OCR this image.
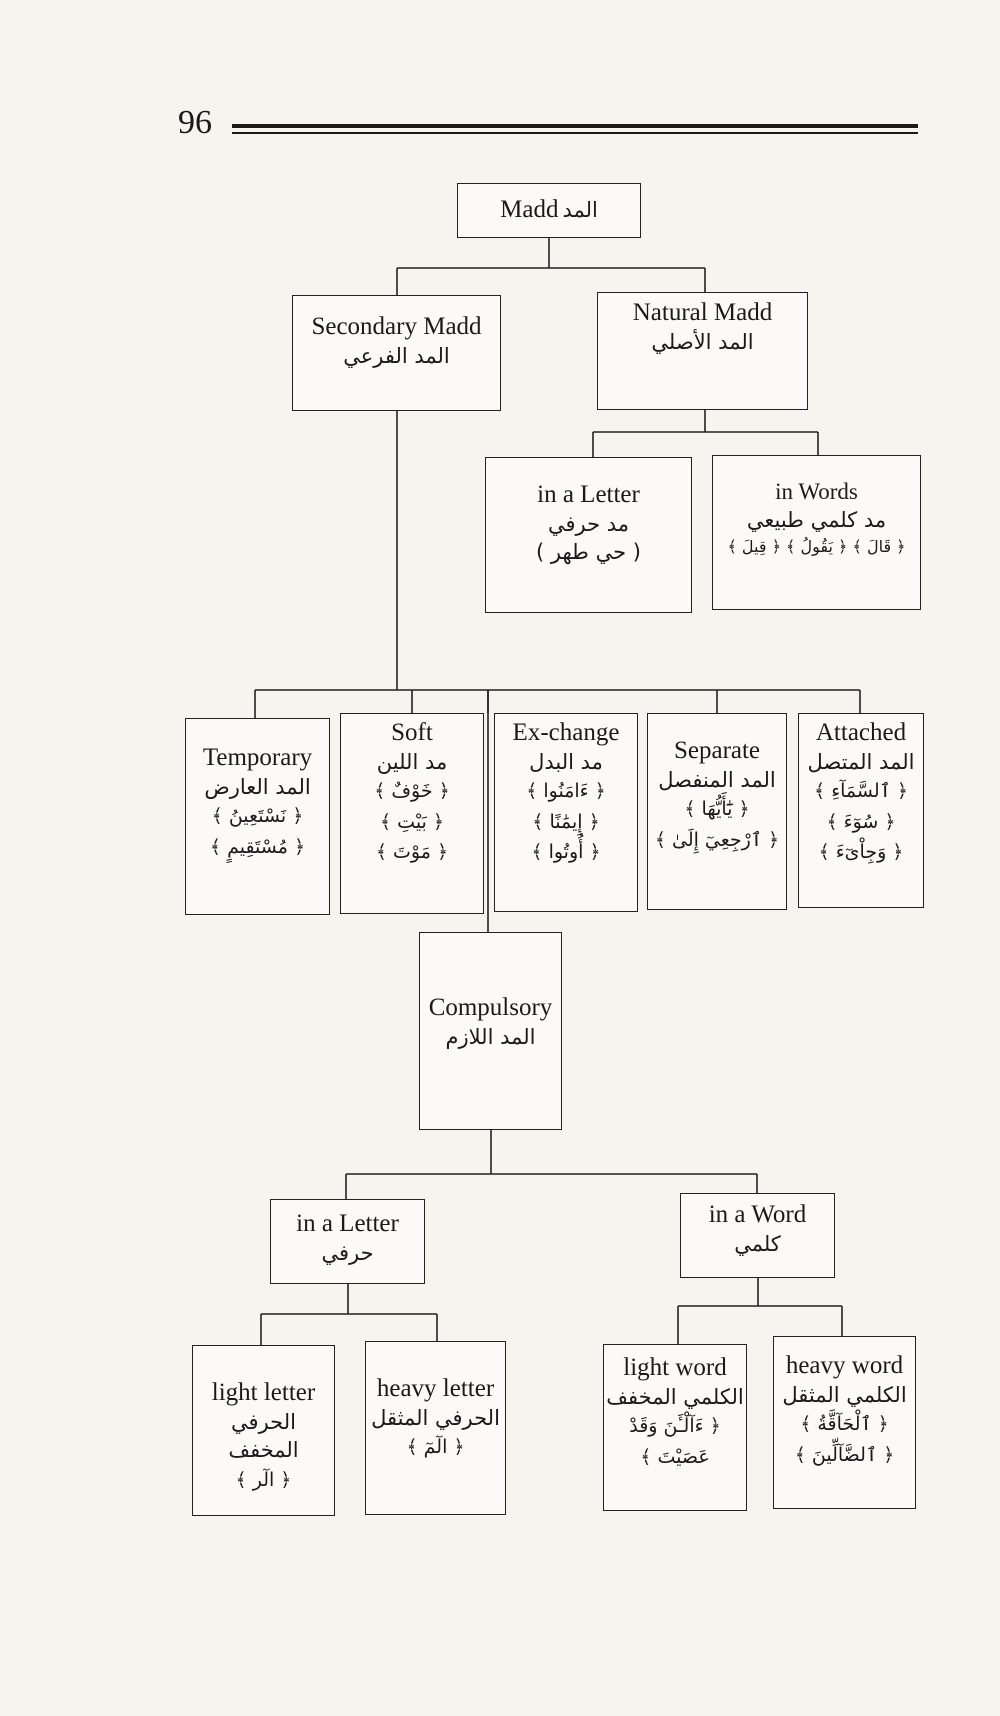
96
Madd المد
Secondary Madd
المد الفرعي
Natural Madd
المد الأصلي
in a Letter
مد حرفي
( حي طهر )
in Words
مد كلمي طبيعي
﴿ قَالَ ﴾ ﴿ يَقُولُ ﴾ ﴿ قِيلَ ﴾
Temporary
المد العارض
﴿ نَسْتَعِينُ ﴾
﴿ مُسْتَقِيمٍ ﴾
Soft
مد اللين
﴿ خَوْفٌ ﴾
﴿ بَيْتِ ﴾
﴿ مَوْتَ ﴾
Ex-change
مد البدل
﴿ ءَامَنُوا ﴾
﴿ إِيمَٰنًا ﴾
﴿ أُوتُوا ﴾
Separate
المد المنفصل
﴿ يَٰٓأَيُّهَا ﴾
﴿ ٱرْجِعِيٓ إِلَىٰ ﴾
Attached
المد المتصل
﴿ ٱلسَّمَآءِ ﴾
﴿ سُوٓءَ ﴾
﴿ وَجِاْىٓءَ ﴾
Compulsory
المد اللازم
in a Letter
حرفي
in a Word
كلمي
light letter
الحرفي المخفف
﴿ الٓر ﴾
heavy letter
الحرفي المثقل
﴿ الٓمٓ ﴾
light word
الكلمي المخفف
﴿ ءَآلْـَٔنَ وَقَدْ
عَصَيْتَ ﴾
heavy word
الكلمي المثقل
﴿ ٱلْحَآقَّةُ ﴾
﴿ ٱلضَّآلِّينَ ﴾
